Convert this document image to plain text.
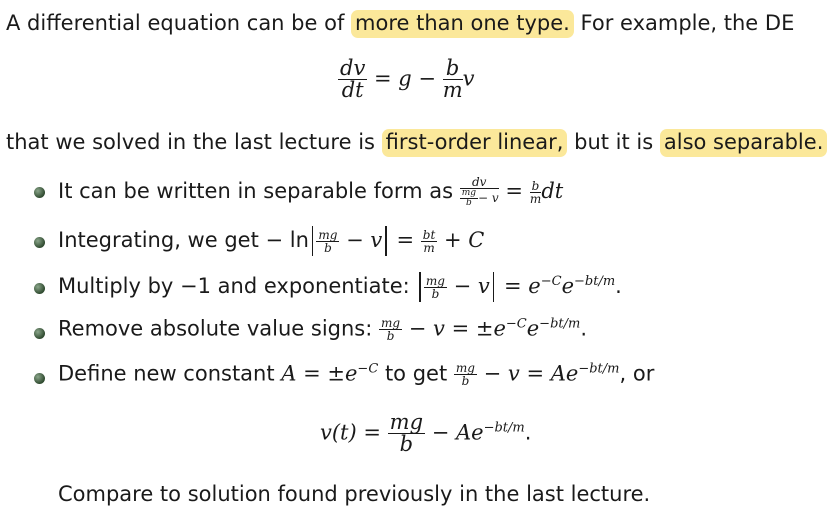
A differential equation can be of more than one type. For example, the DE
$\frac{dv}{dt} = g - \frac{b}{m}$ v
that we solved in the last lecture is first-order linear, but it is also separable.
It can be written in separable form as $\frac{dv}{\frac{mg}{b} - v} = \frac{b}{m}$ dt
Integrating, we get − $\ln \frac{mg}{b} - v = \frac{bt}{m} + C$
Multiply by −1 and exponentiate: $\frac{mg}{b} - v = e^{-C}e^{-bt/m}$.
Remove absolute value signs: $\frac{mg}{b} - v = \pm e^{-C}e^{-bt/m}$.
Define new constant $A = \pm e^{-C}$ to get $\frac{mg}{b} - v = Ae^{-bt/m}$, or
$v(t) = \frac{mg}{b} - Ae^{-bt/m}$.
Compare to solution found previously in the last lecture.
